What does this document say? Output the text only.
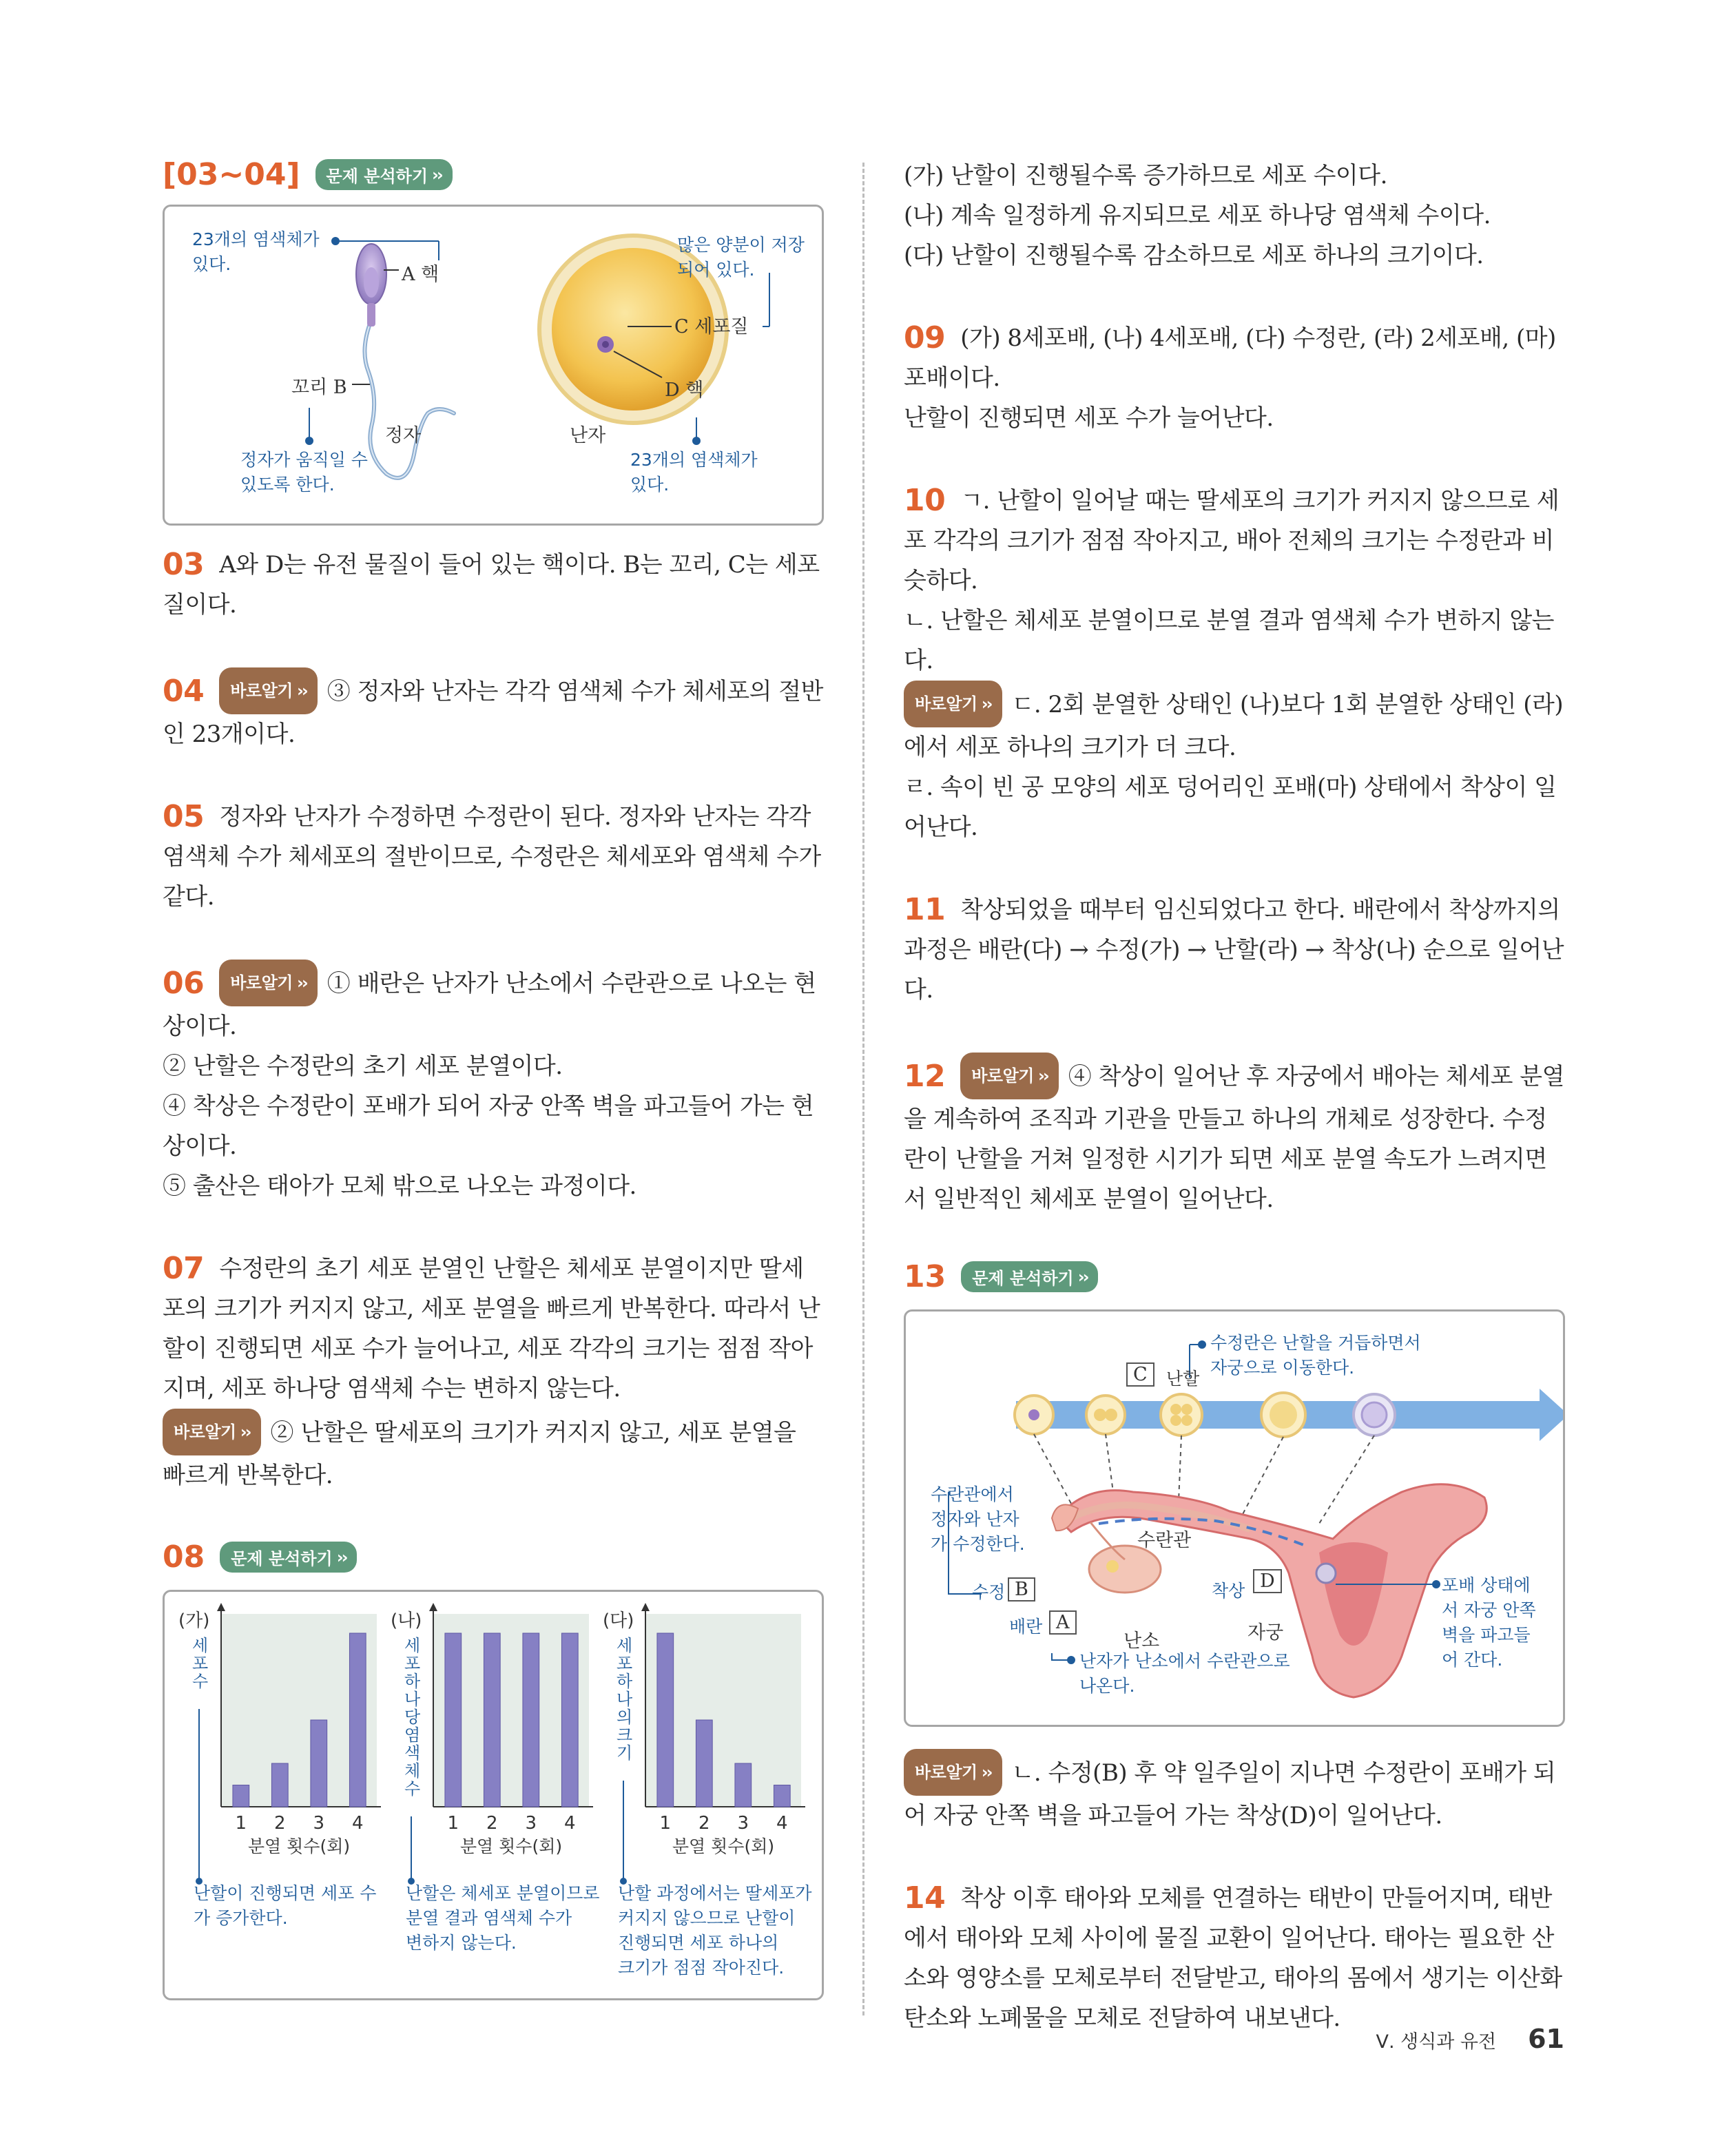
[03~04] 문제 분석하기 ››
23개의 염색체가 있다.	A 핵
많은 양분이 저장되어 있다.
C 세포질
꼬리 B	D 핵
정자	난자
정자가 움직일 수 있도록 한다.
23개의 염색체가 있다.
03 A와 D는 유전 물질이 들어 있는 핵이다. B는 꼬리, C는 세포질이다.
04 바로알기 ›› ③ 정자와 난자는 각각 염색체 수가 체세포의 절반인 23개이다.
05 정자와 난자가 수정하면 수정란이 된다. 정자와 난자는 각각 염색체 수가 체세포의 절반이므로, 수정란은 체세포와 염색체 수가 같다.
06 바로알기 ›› ① 배란은 난자가 난소에서 수란관으로 나오는 현상이다.
② 난할은 수정란의 초기 세포 분열이다.
④ 착상은 수정란이 포배가 되어 자궁 안쪽 벽을 파고들어 가는 현상이다.
⑤ 출산은 태아가 모체 밖으로 나오는 과정이다.
07 수정란의 초기 세포 분열인 난할은 체세포 분열이지만 딸세포의 크기가 커지지 않고, 세포 분열을 빠르게 반복한다. 따라서 난할이 진행되면 세포 수가 늘어나고, 세포 각각의 크기는 점점 작아지며, 세포 하나당 염색체 수는 변하지 않는다.
바로알기 ›› ② 난할은 딸세포의 크기가 커지지 않고, 세포 분열을 빠르게 반복한다.
08 문제 분석하기 ››
(가)
세
포
수
1 2 3 4
분열 횟수(회)
난할이 진행되면 세포 수
가 증가한다.
(나)
세
포
하
나
당
염
색
체
수
1 2 3 4
분열 횟수(회)
난할은 체세포 분열이므로
분열 결과 염색체 수가
변하지 않는다.
(다)
세
포
하
나
의
크
기
1 2 3 4
분열 횟수(회)
난할 과정에서는 딸세포가
커지지 않으므로 난할이
진행되면 세포 하나의
크기가 점점 작아진다.
(가) 난할이 진행될수록 증가하므로 세포 수이다.
(나) 계속 일정하게 유지되므로 세포 하나당 염색체 수이다.
(다) 난할이 진행될수록 감소하므로 세포 하나의 크기이다.
09 (가) 8세포배, (나) 4세포배, (다) 수정란, (라) 2세포배, (마) 포배이다.
난할이 진행되면 세포 수가 늘어난다.
10 ㄱ. 난할이 일어날 때는 딸세포의 크기가 커지지 않으므로 세포 각각의 크기가 점점 작아지고, 배아 전체의 크기는 수정란과 비슷하다.
ㄴ. 난할은 체세포 분열이므로 분열 결과 염색체 수가 변하지 않는다.
바로알기 ›› ㄷ. 2회 분열한 상태인 (나)보다 1회 분열한 상태인 (라)에서 세포 하나의 크기가 더 크다.
ㄹ. 속이 빈 공 모양의 세포 덩어리인 포배(마) 상태에서 착상이 일어난다.
11 착상되었을 때부터 임신되었다고 한다. 배란에서 착상까지의 과정은 배란(다) → 수정(가) → 난할(라) → 착상(나) 순으로 일어난다.
12 바로알기 ›› ④ 착상이 일어난 후 자궁에서 배아는 체세포 분열을 계속하여 조직과 기관을 만들고 하나의 개체로 성장한다. 수정란이 난할을 거쳐 일정한 시기가 되면 세포 분열 속도가 느려지면서 일반적인 체세포 분열이 일어난다.
13 문제 분석하기 ››
수정란은 난할을 거듭하면서 자궁으로 이동한다.
C	난할
수란관에서 정자와 난자가 수정한다.	수란관
수정 B	착상 D	포배 상태에서 자궁 안쪽 벽을 파고들어 간다.
배란 A
난소	자궁
난자가 난소에서 수란관으로 나온다.
바로알기 ›› ㄴ. 수정(B) 후 약 일주일이 지나면 수정란이 포배가 되어 자궁 안쪽 벽을 파고들어 가는 착상(D)이 일어난다.
14 착상 이후 태아와 모체를 연결하는 태반이 만들어지며, 태반에서 태아와 모체 사이에 물질 교환이 일어난다. 태아는 필요한 산소와 영양소를 모체로부터 전달받고, 태아의 몸에서 생기는 이산화 탄소와 노폐물을 모체로 전달하여 내보낸다.
Ⅴ. 생식과 유전 61
